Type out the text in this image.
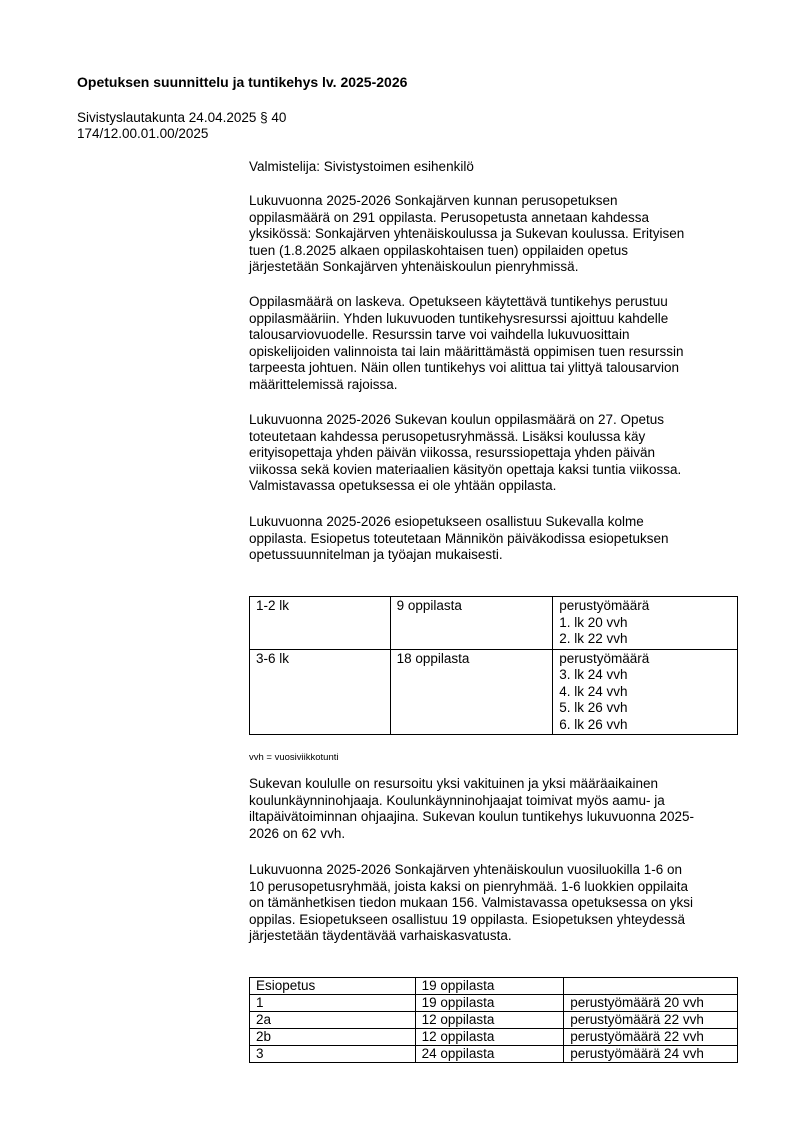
Opetuksen suunnittelu ja tuntikehys lv. 2025-2026
Sivistyslautakunta 24.04.2025 § 40
174/12.00.01.00/2025
Valmistelija: Sivistystoimen esihenkilö
Lukuvuonna 2025-2026 Sonkajärven kunnan perusopetuksen
oppilasmäärä on 291 oppilasta. Perusopetusta annetaan kahdessa
yksikössä: Sonkajärven yhtenäiskoulussa ja Sukevan koulussa. Erityisen
tuen (1.8.2025 alkaen oppilaskohtaisen tuen) oppilaiden opetus
järjestetään Sonkajärven yhtenäiskoulun pienryhmissä.
Oppilasmäärä on laskeva. Opetukseen käytettävä tuntikehys perustuu
oppilasmääriin. Yhden lukuvuoden tuntikehysresurssi ajoittuu kahdelle
talousarviovuodelle. Resurssin tarve voi vaihdella lukuvuosittain
opiskelijoiden valinnoista tai lain määrittämästä oppimisen tuen resurssin
tarpeesta johtuen. Näin ollen tuntikehys voi alittua tai ylittyä talousarvion
määrittelemissä rajoissa.
Lukuvuonna 2025-2026 Sukevan koulun oppilasmäärä on 27. Opetus
toteutetaan kahdessa perusopetusryhmässä. Lisäksi koulussa käy
erityisopettaja yhden päivän viikossa, resurssiopettaja yhden päivän
viikossa sekä kovien materiaalien käsityön opettaja kaksi tuntia viikossa.
Valmistavassa opetuksessa ei ole yhtään oppilasta.
Lukuvuonna 2025-2026 esiopetukseen osallistuu Sukevalla kolme
oppilasta. Esiopetus toteutetaan Männikön päiväkodissa esiopetuksen
opetussuunnitelman ja työajan mukaisesti.
1-2 lk	9 oppilasta	perustyömäärä
1. lk 20 vvh
2. lk 22 vvh

3-6 lk	18 oppilasta	perustyömäärä
3. lk 24 vvh
4. lk 24 vvh
5. lk 26 vvh
6. lk 26 vvh
vvh = vuosiviikkotunti
Sukevan koululle on resursoitu yksi vakituinen ja yksi määräaikainen
koulunkäynninohjaaja. Koulunkäynninohjaajat toimivat myös aamu- ja
iltapäivätoiminnan ohjaajina. Sukevan koulun tuntikehys lukuvuonna 2025-
2026 on 62 vvh.
Lukuvuonna 2025-2026 Sonkajärven yhtenäiskoulun vuosiluokilla 1-6 on
10 perusopetusryhmää, joista kaksi on pienryhmää. 1-6 luokkien oppilaita
on tämänhetkisen tiedon mukaan 156. Valmistavassa opetuksessa on yksi
oppilas. Esiopetukseen osallistuu 19 oppilasta. Esiopetuksen yhteydessä
järjestetään täydentävää varhaiskasvatusta.
Esiopetus	19 oppilasta	
1	19 oppilasta	perustyömäärä 20 vvh
2a	12 oppilasta	perustyömäärä 22 vvh
2b	12 oppilasta	perustyömäärä 22 vvh
3	24 oppilasta	perustyömäärä 24 vvh
